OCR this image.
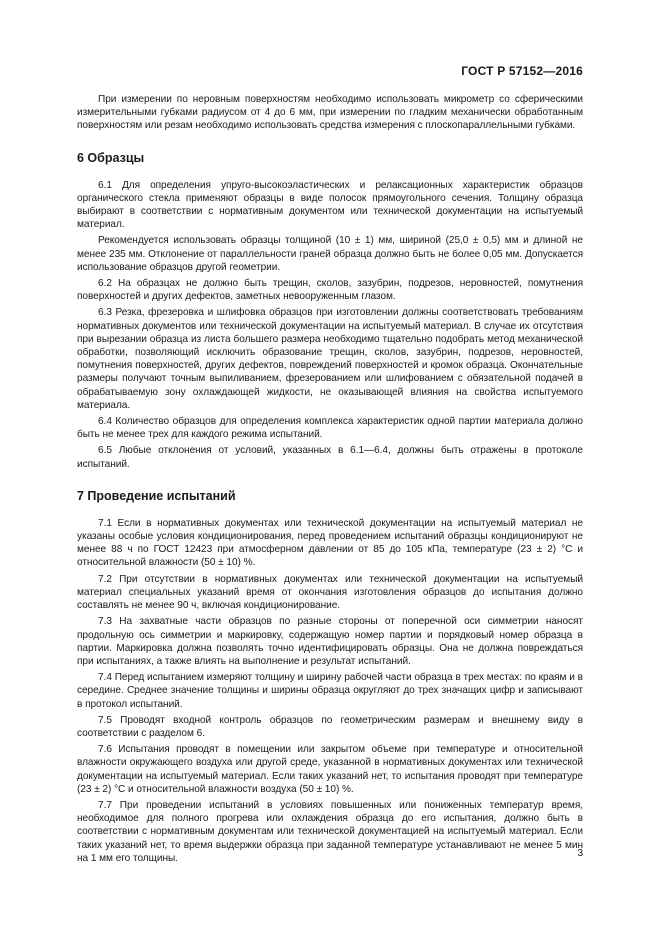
ГОСТ Р 57152—2016

При измерении по неровным поверхностям необходимо использовать микрометр со сферическими измерительными губками радиусом от 4 до 6 мм, при измерении по гладким механически обработанным поверхностям или резам необходимо использовать средства измерения с плоскопараллельными губками.

6 Образцы

6.1 Для определения упруго-высокоэластических и релаксационных характеристик образцов органического стекла применяют образцы в виде полосок прямоугольного сечения. Толщину образца выбирают в соответствии с нормативным документом или технической документации на испытуемый материал.

Рекомендуется использовать образцы толщиной (10 ± 1) мм, шириной (25,0 ± 0,5) мм и длиной не менее 235 мм. Отклонение от параллельности граней образца должно быть не более 0,05 мм. Допускается использование образцов другой геометрии.

6.2 На образцах не должно быть трещин, сколов, зазубрин, подрезов, неровностей, помутнения поверхностей и других дефектов, заметных невооруженным глазом.

6.3 Резка, фрезеровка и шлифовка образцов при изготовлении должны соответствовать требованиям нормативных документов или технической документации на испытуемый материал. В случае их отсутствия при вырезании образца из листа большего размера необходимо тщательно подобрать метод механической обработки, позволяющий исключить образование трещин, сколов, зазубрин, подрезов, неровностей, помутнения поверхностей, других дефектов, повреждений поверхностей и кромок образца. Окончательные размеры получают точным выпиливанием, фрезерованием или шлифованием с обязательной подачей в обрабатываемую зону охлаждающей жидкости, не оказывающей влияния на свойства испытуемого материала.

6.4 Количество образцов для определения комплекса характеристик одной партии материала должно быть не менее трех для каждого режима испытаний.

6.5 Любые отклонения от условий, указанных в 6.1—6.4, должны быть отражены в протоколе испытаний.

7 Проведение испытаний

7.1 Если в нормативных документах или технической документации на испытуемый материал не указаны особые условия кондиционирования, перед проведением испытаний образцы кондиционируют не менее 88 ч по ГОСТ 12423 при атмосферном давлении от 85 до 105 кПа, температуре (23 ± 2) °С и относительной влажности (50 ± 10) %.

7.2 При отсутствии в нормативных документах или технической документации на испытуемый материал специальных указаний время от окончания изготовления образцов до испытания должно составлять не менее 90 ч, включая кондиционирование.

7.3 На захватные части образцов по разные стороны от поперечной оси симметрии наносят продольную ось симметрии и маркировку, содержащую номер партии и порядковый номер образца в партии. Маркировка должна позволять точно идентифицировать образцы. Она не должна повреждаться при испытаниях, а также влиять на выполнение и результат испытаний.

7.4 Перед испытанием измеряют толщину и ширину рабочей части образца в трех местах: по краям и в середине. Среднее значение толщины и ширины образца округляют до трех значащих цифр и записывают в протокол испытаний.

7.5 Проводят входной контроль образцов по геометрическим размерам и внешнему виду в соответствии с разделом 6.

7.6 Испытания проводят в помещении или закрытом объеме при температуре и относительной влажности окружающего воздуха или другой среде, указанной в нормативных документах или технической документации на испытуемый материал. Если таких указаний нет, то испытания проводят при температуре (23 ± 2) °С и относительной влажности воздуха (50 ± 10) %.

7.7 При проведении испытаний в условиях повышенных или пониженных температур время, необходимое для полного прогрева или охлаждения образца до его испытания, должно быть в соответствии с нормативным документам или технической документацией на испытуемый материал. Если таких указаний нет, то время выдержки образца при заданной температуре устанавливают не менее 5 мин на 1 мм его толщины.	3
